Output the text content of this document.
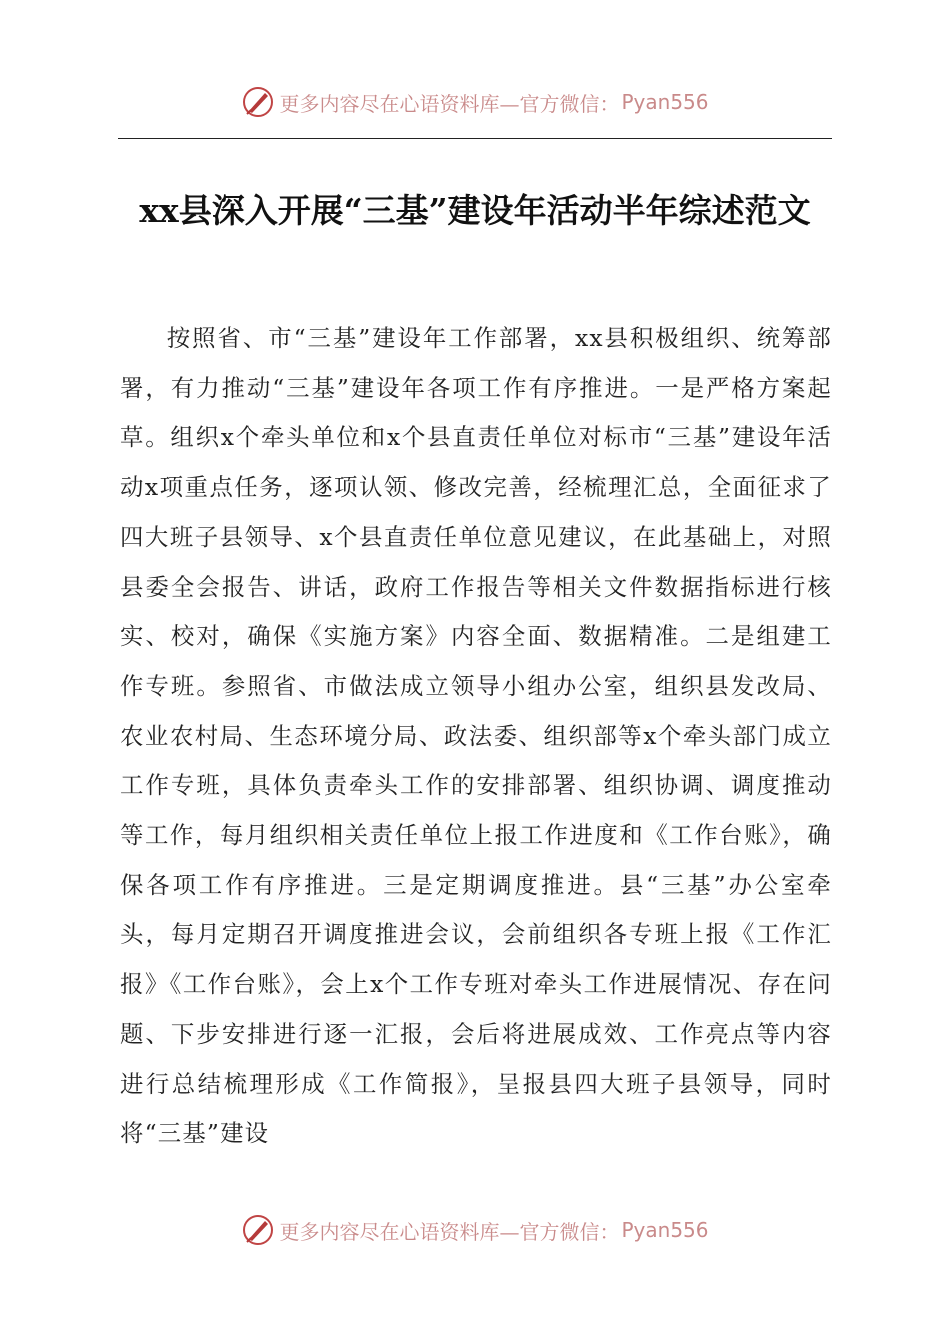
更多内容尽在心语资料库—官方微信： Pyan556
xx县深入开展“三基”建设年活动半年综述范文

按照省、市“三基”建设年工作部署，xx县积极组织、统筹部署，有力推动“三基”建设年各项工作有序推进。一是严格方案起草。组织x个牵头单位和x个县直责任单位对标市“三基”建设年活动x项重点任务，逐项认领、修改完善，经梳理汇总，全面征求了四大班子县领导、x个县直责任单位意见建议，在此基础上，对照县委全会报告、讲话，政府工作报告等相关文件数据指标进行核实、校对，确保《实施方案》内容全面、数据精准。二是组建工作专班。参照省、市做法成立领导小组办公室，组织县发改局、农业农村局、生态环境分局、政法委、组织部等x个牵头部门成立工作专班，具体负责牵头工作的安排部署、组织协调、调度推动等工作，每月组织相关责任单位上报工作进度和《工作台账》，确保各项工作有序推进。三是定期调度推进。县“三基”办公室牵头，每月定期召开调度推进会议，会前组织各专班上报《工作汇报》《工作台账》，会上x个工作专班对牵头工作进展情况、存在问题、下步安排进行逐一汇报，会后将进展成效、工作亮点等内容进行总结梳理形成《工作简报》，呈报县四大班子县领导，同时将“三基”建设

更多内容尽在心语资料库—官方微信： Pyan556
